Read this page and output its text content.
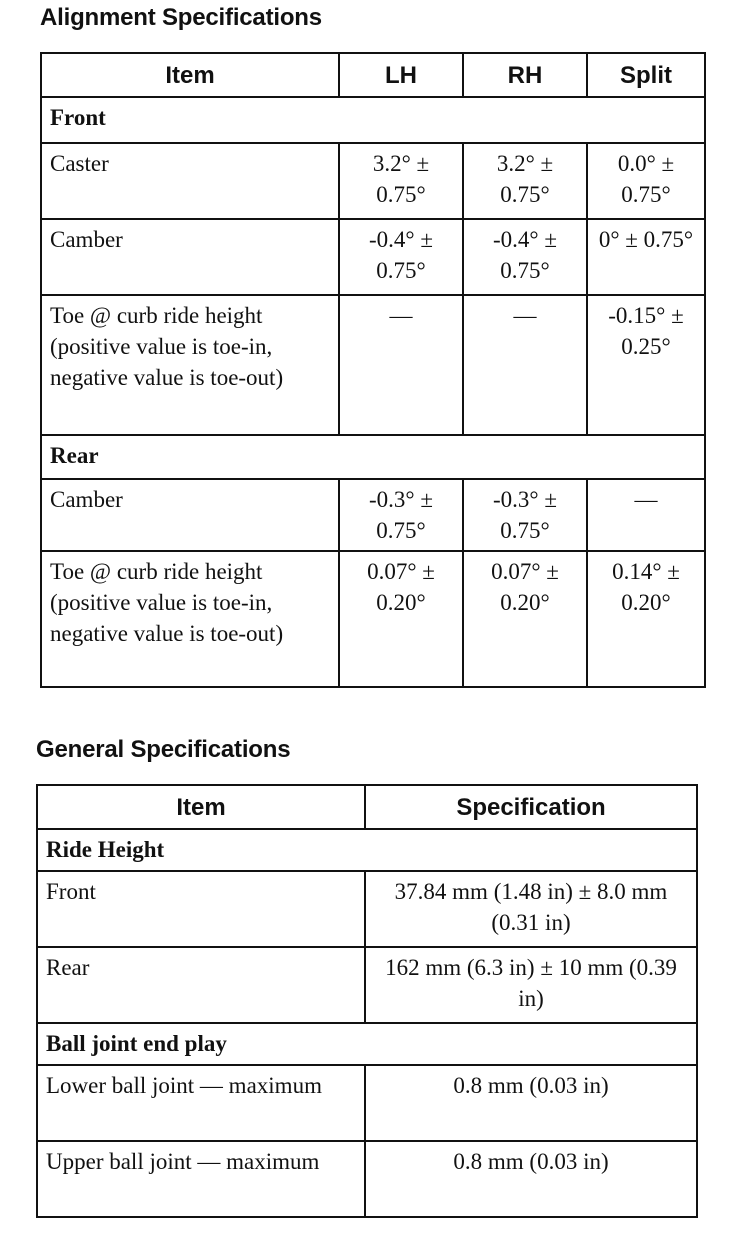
Alignment Specifications
Item	LH	RH	Split
Front			
Caster	3.2° ± 0.75°	3.2° ± 0.75°	0.0° ± 0.75°
Camber	-0.4° ± 0.75°	-0.4° ± 0.75°	0° ± 0.75°
Toe @ curb ride height (positive value is toe-in, negative value is toe-out)	—	—	-0.15° ± 0.25°
Rear			
Camber	-0.3° ± 0.75°	-0.3° ± 0.75°	—
Toe @ curb ride height (positive value is toe-in, negative value is toe-out)	0.07° ± 0.20°	0.07° ± 0.20°	0.14° ± 0.20°
General Specifications
Item	Specification
Ride Height	
Front	37.84 mm (1.48 in) ± 8.0 mm (0.31 in)
Rear	162 mm (6.3 in) ± 10 mm (0.39 in)
Ball joint end play	
Lower ball joint — maximum	0.8 mm (0.03 in)
Upper ball joint — maximum	0.8 mm (0.03 in)
